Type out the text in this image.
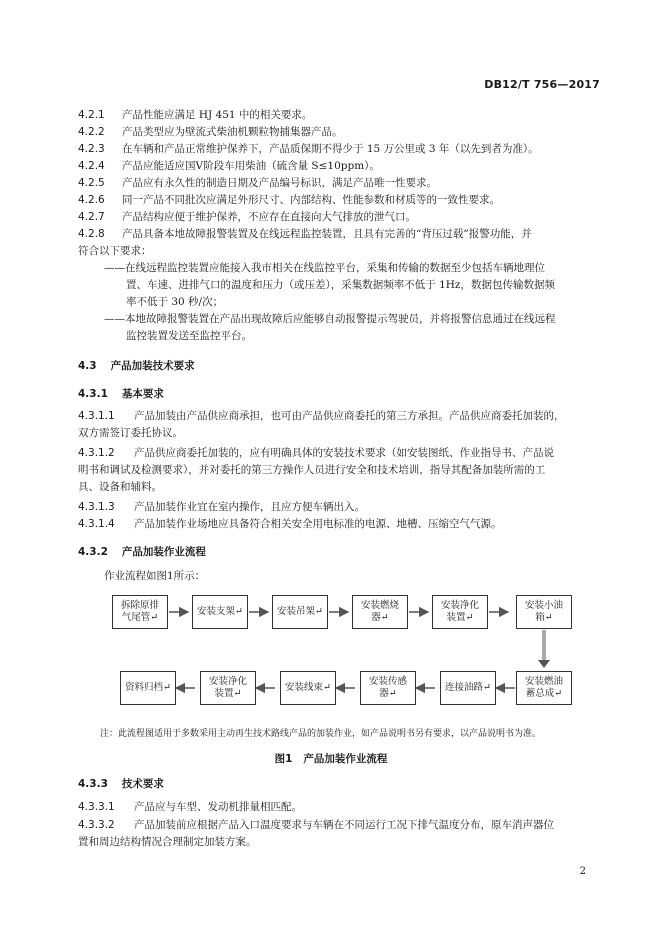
DB12/T 756—2017
4.2.1 产品性能应满足 HJ 451 中的相关要求。
4.2.2 产品类型应为壁流式柴油机颗粒物捕集器产品。
4.2.3 在车辆和产品正常维护保养下，产品质保期不得少于 15 万公里或 3 年（以先到者为准）。
4.2.4 产品应能适应国Ⅴ阶段车用柴油（硫含量 S≤10ppm）。
4.2.5 产品应有永久性的制造日期及产品编号标识，满足产品唯一性要求。
4.2.6 同一产品不同批次应满足外形尺寸、内部结构、性能参数和材质等的一致性要求。
4.2.7 产品结构应便于维护保养，不应存在直接向大气排放的泄气口。
4.2.8 产品具备本地故障报警装置及在线远程监控装置，且具有完善的“背压过载”报警功能，并
符合以下要求：
——在线远程监控装置应能接入我市相关在线监控平台，采集和传输的数据至少包括车辆地理位
置、车速、进排气口的温度和压力（或压差），采集数据频率不低于 1Hz，数据包传输数据频
率不低于 30 秒/次；
——本地故障报警装置在产品出现故障后应能够自动报警提示驾驶员，并将报警信息通过在线远程
监控装置发送至监控平台。
4.3 产品加装技术要求
4.3.1 基本要求
4.3.1.1 产品加装由产品供应商承担，也可由产品供应商委托的第三方承担。产品供应商委托加装的，
双方需签订委托协议。
4.3.1.2 产品供应商委托加装的，应有明确具体的安装技术要求（如安装图纸、作业指导书、产品说
明书和调试及检测要求），并对委托的第三方操作人员进行安全和技术培训，指导其配备加装所需的工
具、设备和辅料。
4.3.1.3 产品加装作业宜在室内操作，且应方便车辆出入。
4.3.1.4 产品加装作业场地应具备符合相关安全用电标准的电源、地槽、压缩空气气源。
4.3.2 产品加装作业流程
作业流程如图1所示：
拆除原排
气尾管↵
安装支架↵	安装吊架↵
安装燃烧
器↵
安装净化
装置↵
安装小油
箱↵
资料归档↵
安装净化
装置↵
安装线束↵
安装传感
器↵
连接油路↵
安装燃油
蓄总成↵
注：此流程图适用于多数采用主动再生技术路线产品的加装作业，如产品说明书另有要求，以产品说明书为准。
图1 产品加装作业流程
4.3.3 技术要求
4.3.3.1 产品应与车型、发动机排量相匹配。
4.3.3.2 产品加装前应根据产品入口温度要求与车辆在不同运行工况下排气温度分布，原车消声器位
置和周边结构情况合理制定加装方案。
2
